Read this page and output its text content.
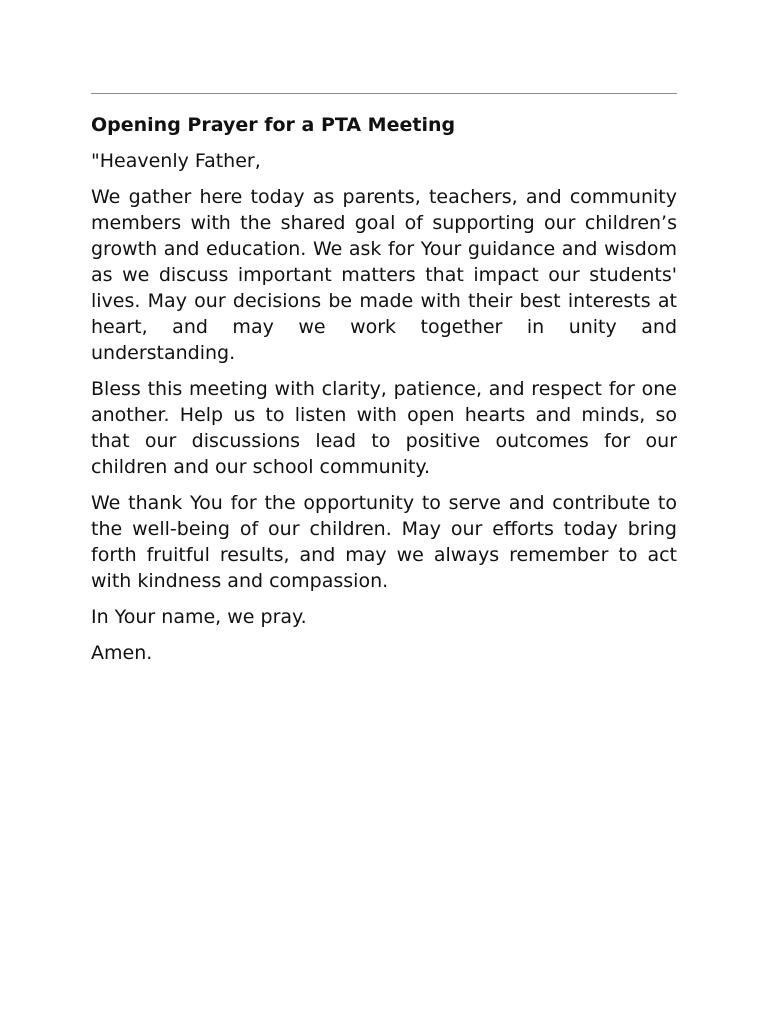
Opening Prayer for a PTA Meeting

"Heavenly Father,

We gather here today as parents, teachers, and community members with the shared goal of supporting our children’s growth and education. We ask for Your guidance and wisdom as we discuss important matters that impact our students' lives. May our decisions be made with their best interests at heart, and may we work together in unity and understanding.

Bless this meeting with clarity, patience, and respect for one another. Help us to listen with open hearts and minds, so that our discussions lead to positive outcomes for our children and our school community.

We thank You for the opportunity to serve and contribute to the well-being of our children. May our efforts today bring forth fruitful results, and may we always remember to act with kindness and compassion.

In Your name, we pray.

Amen.
